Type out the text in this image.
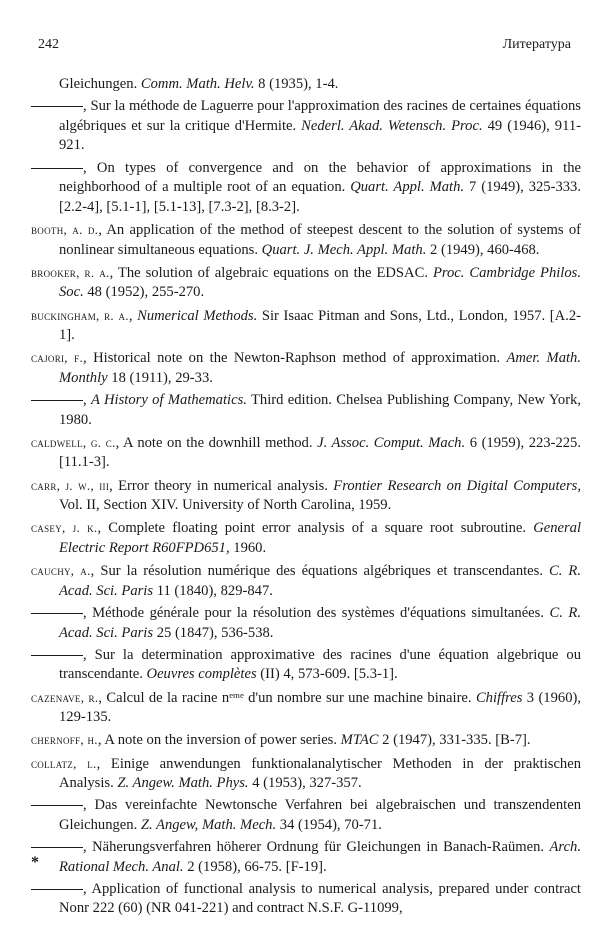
242	Литература
Gleichungen. Comm. Math. Helv. 8 (1935), 1-4.
, Sur la méthode de Laguerre pour l'approximation des racines de certaines équations algébriques et sur la critique d'Hermite. Nederl. Akad. Wetensch. Proc. 49 (1946), 911-921.
, On types of convergence and on the behavior of approximations in the neighborhood of a multiple root of an equation. Quart. Appl. Math. 7 (1949), 325-333. [2.2-4], [5.1-1], [5.1-13], [7.3-2], [8.3-2].
booth, a. d., An application of the method of steepest descent to the solution of systems of nonlinear simultaneous equations. Quart. J. Mech. Appl. Math. 2 (1949), 460-468.
brooker, r. a., The solution of algebraic equations on the EDSAC. Proc. Cambridge Philos. Soc. 48 (1952), 255-270.
buckingham, r. a., Numerical Methods. Sir Isaac Pitman and Sons, Ltd., London, 1957. [A.2-1].
cajori, f., Historical note on the Newton-Raphson method of approximation. Amer. Math. Monthly 18 (1911), 29-33.
, A History of Mathematics. Third edition. Chelsea Publishing Company, New York, 1980.
caldwell, g. c., A note on the downhill method. J. Assoc. Comput. Mach. 6 (1959), 223-225. [11.1-3].
carr, j. w., iii, Error theory in numerical analysis. Frontier Research on Digital Computers, Vol. II, Section XIV. University of North Carolina, 1959.
casey, j. k., Complete floating point error analysis of a square root subroutine. General Electric Report R60FPD651, 1960.
cauchy, a., Sur la résolution numérique des équations algébriques et transcendantes. C. R. Acad. Sci. Paris 11 (1840), 829-847.
, Méthode générale pour la résolution des systèmes d'équations simultanées. C. R. Acad. Sci. Paris 25 (1847), 536-538.
, Sur la determination approximative des racines d'une équation algebrique ou transcendante. Oeuvres complètes (II) 4, 573-609. [5.3-1].
cazenave, r., Calcul de la racine nᵉᵐᵉ d'un nombre sur une machine binaire. Chiffres 3 (1960), 129-135.
chernoff, h., A note on the inversion of power series. MTAC 2 (1947), 331-335. [B-7].
collatz, l., Einige anwendungen funktionalanalytischer Methoden in der praktischen Analysis. Z. Angew. Math. Phys. 4 (1953), 327-357.
, Das vereinfachte Newtonsche Verfahren bei algebraischen und transzendenten Gleichungen. Z. Angew, Math. Mech. 34 (1954), 70-71.
, Näherungsverfahren höherer Ordnung für Gleichungen in Banach-Raümen. Arch. Rational Mech. Anal. 2 (1958), 66-75. [F-19].
, Application of functional analysis to numerical analysis, prepared under contract Nonr 222 (60) (NR 041-221) and contract N.S.F. G-11099,
*
